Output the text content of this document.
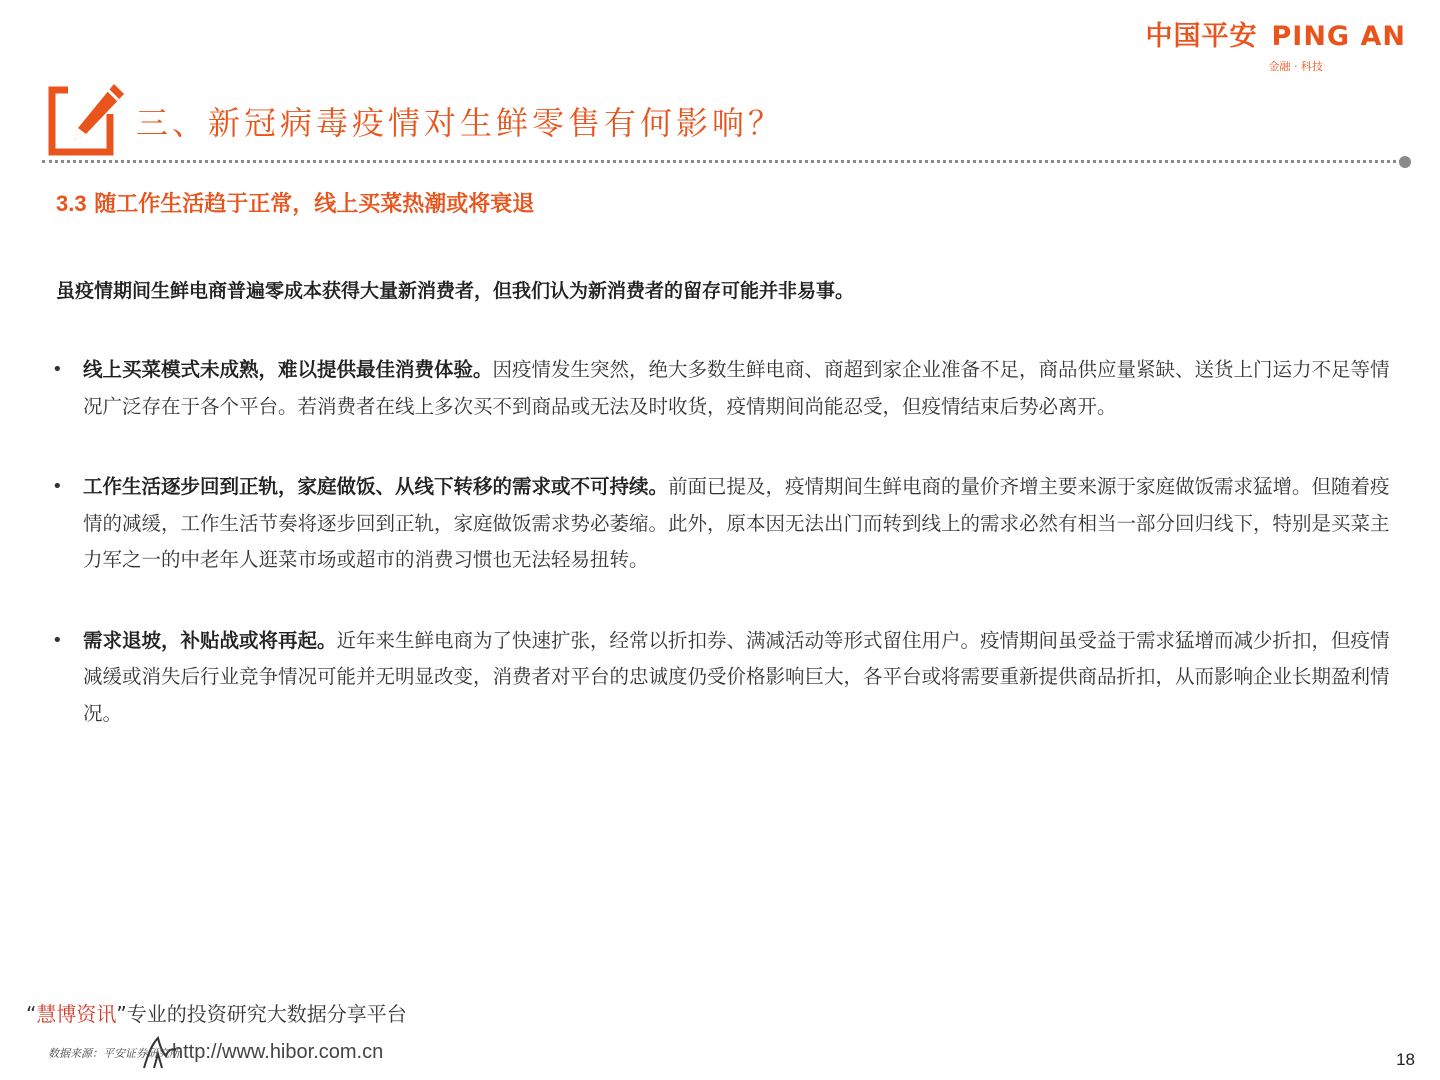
中国平安 PING AN
金融 · 科技
三、新冠病毒疫情对生鲜零售有何影响？
3.3 随工作生活趋于正常，线上买菜热潮或将衰退
虽疫情期间生鲜电商普遍零成本获得大量新消费者，但我们认为新消费者的留存可能并非易事。
• 线上买菜模式未成熟，难以提供最佳消费体验。因疫情发生突然，绝大多数生鲜电商、商超到家企业准备不足，商品供应量紧缺、送货上门运力不足等情况广泛存在于各个平台。若消费者在线上多次买不到商品或无法及时收货，疫情期间尚能忍受，但疫情结束后势必离开。
• 工作生活逐步回到正轨，家庭做饭、从线下转移的需求或不可持续。前面已提及，疫情期间生鲜电商的量价齐增主要来源于家庭做饭需求猛增。但随着疫情的减缓，工作生活节奏将逐步回到正轨，家庭做饭需求势必萎缩。此外，原本因无法出门而转到线上的需求必然有相当一部分回归线下，特别是买菜主力军之一的中老年人逛菜市场或超市的消费习惯也无法轻易扭转。
• 需求退坡，补贴战或将再起。近年来生鲜电商为了快速扩张，经常以折扣券、满减活动等形式留住用户。疫情期间虽受益于需求猛增而减少折扣，但疫情减缓或消失后行业竞争情况可能并无明显改变，消费者对平台的忠诚度仍受价格影响巨大，各平台或将需要重新提供商品折扣，从而影响企业长期盈利情况。
“慧博资讯”专业的投资研究大数据分享平台
http://www.hibor.com.cn
数据来源：平安证券研究所	18
